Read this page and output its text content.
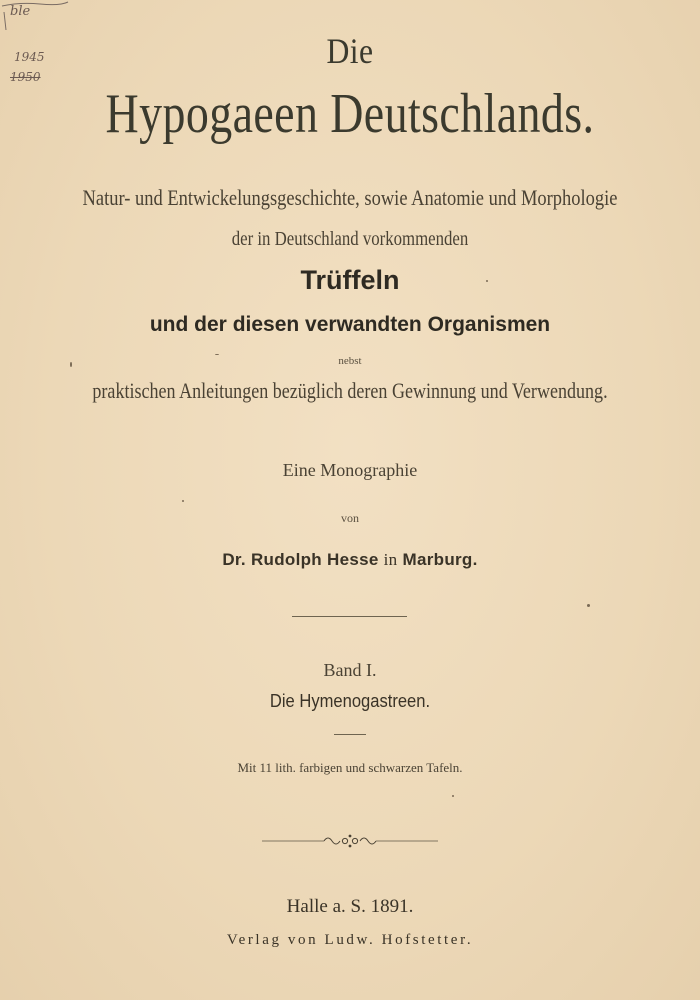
ble
1945
1950
Die
Hypogaeen Deutschlands.
Natur- und Entwickelungsgeschichte, sowie Anatomie und Morphologie
der in Deutschland vorkommenden
Trüffeln
und der diesen verwandten Organismen
nebst
praktischen Anleitungen bezüglich deren Gewinnung und Verwendung.
Eine Monographie
von
Dr. Rudolph Hesse in Marburg.
Band I.
Die Hymenogastreen.
Mit 11 lith. farbigen und schwarzen Tafeln.
Halle a. S. 1891.
Verlag von Ludw. Hofstetter.
